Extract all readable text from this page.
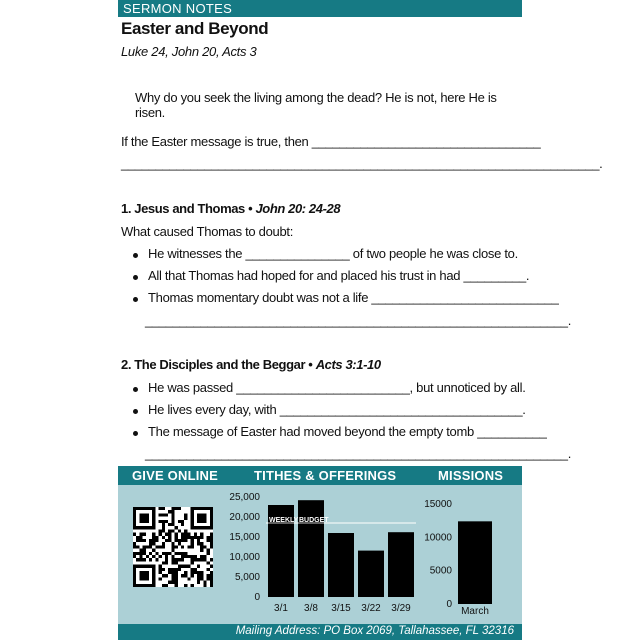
SERMON NOTES
Easter and Beyond
Luke 24, John 20, Acts 3
Why do you seek the living among the dead? He is not, here He is risen.
If the Easter message is true, then _________________________________
_____________________________________________________________________.
1. Jesus and Thomas • John 20: 24-28
What caused Thomas to doubt:
He witnesses the _______________ of two people he was close to.
All that Thomas had hoped for and placed his trust in had _________.
Thomas momentary doubt was not a life ___________________________
_____________________________________________________________.
2. The Disciples and the Beggar • Acts 3:1-10
He was passed _________________________, but unnoticed by all.
He lives every day, with ___________________________________.
The message of Easter had moved beyond the empty tomb __________
_____________________________________________________________.
GIVE ONLINE	TITHES & OFFERINGS	MISSIONS
0
5,000
10,000
15,000
20,000
25,000
3/1 3/8 3/15 3/22 3/29
WEEKLY BUDGET
0
5000
10000
15000
March
Mailing Address: PO Box 2069, Tallahassee, FL 32316
